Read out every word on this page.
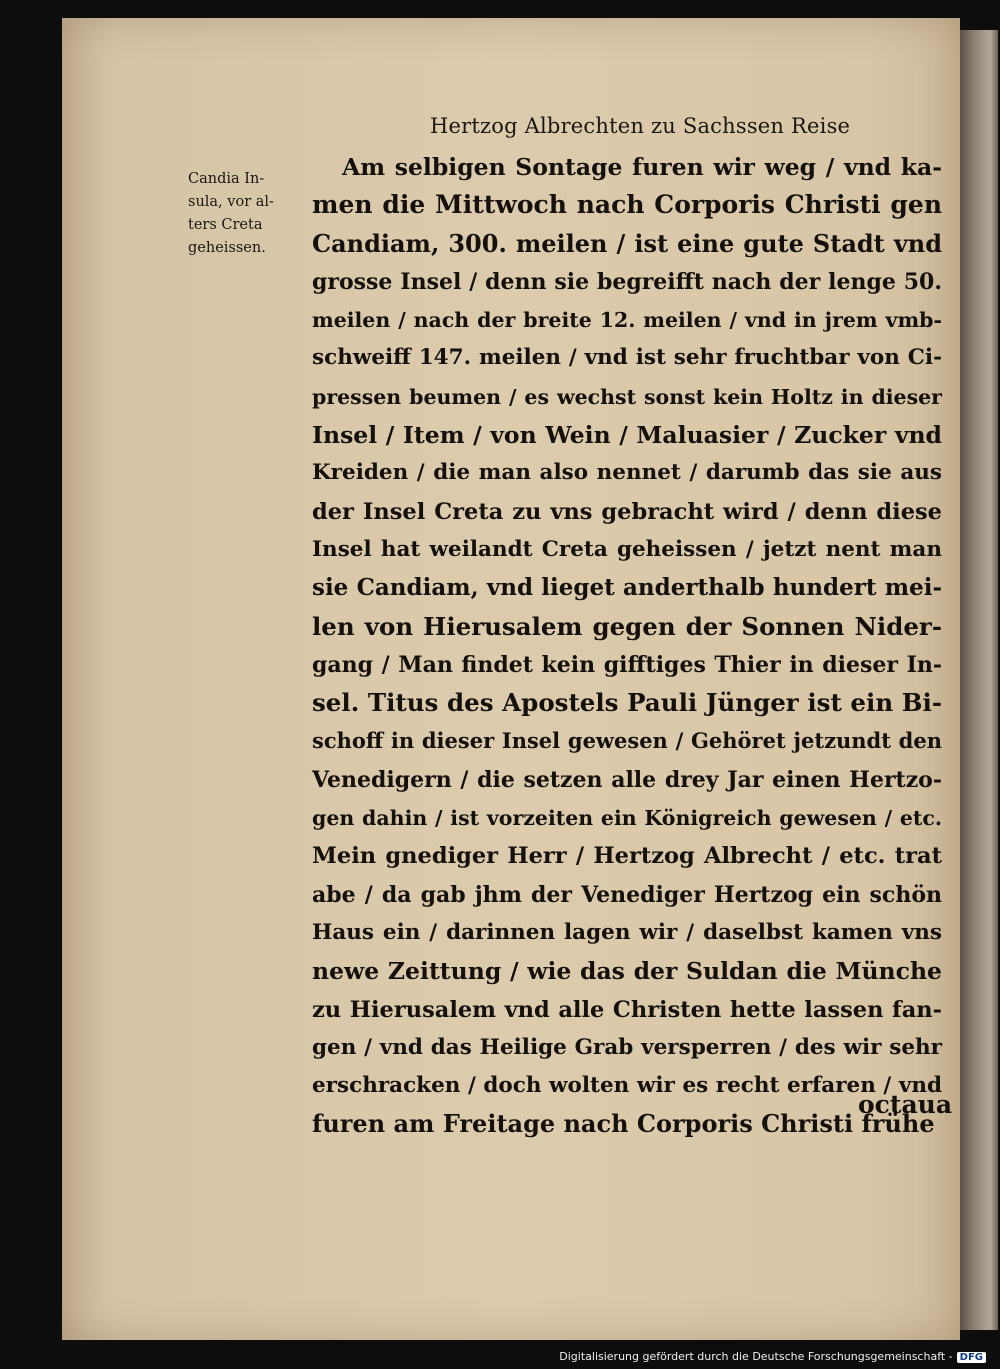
Hertzog Albrechten zu Sachssen Reise
Candia In-
sula, vor al-
ters Creta
geheissen.
Am selbigen Sontage furen wir weg / vnd ka-
men die Mittwoch nach Corporis Christi gen
Candiam, 300. meilen / ist eine gute Stadt vnd
grosse Insel / denn sie begreifft nach der lenge 50.
meilen / nach der breite 12. meilen / vnd in jrem vmb-
schweiff 147. meilen / vnd ist sehr fruchtbar von Ci-
pressen beumen / es wechst sonst kein Holtz in dieser
Insel / Item / von Wein / Maluasier / Zucker vnd
Kreiden / die man also nennet / darumb das sie aus
der Insel Creta zu vns gebracht wird / denn diese
Insel hat weilandt Creta geheissen / jetzt nent man
sie Candiam, vnd lieget anderthalb hundert mei-
len von Hierusalem gegen der Sonnen Nider-
gang / Man findet kein gifftiges Thier in dieser In-
sel. Titus des Apostels Pauli Jünger ist ein Bi-
schoff in dieser Insel gewesen / Gehöret jetzundt den
Venedigern / die setzen alle drey Jar einen Hertzo-
gen dahin / ist vorzeiten ein Königreich gewesen / etc.
Mein gnediger Herr / Hertzog Albrecht / etc. trat
abe / da gab jhm der Venediger Hertzog ein schön
Haus ein / darinnen lagen wir / daselbst kamen vns
newe Zeittung / wie das der Suldan die Münche
zu Hierusalem vnd alle Christen hette lassen fan-
gen / vnd das Heilige Grab versperren / des wir sehr
erschracken / doch wolten wir es recht erfaren / vnd
furen am Freitage nach Corporis Christi frühe
octaua
Digitalisierung gefördert durch die Deutsche Forschungsgemeinschaft - DFG
